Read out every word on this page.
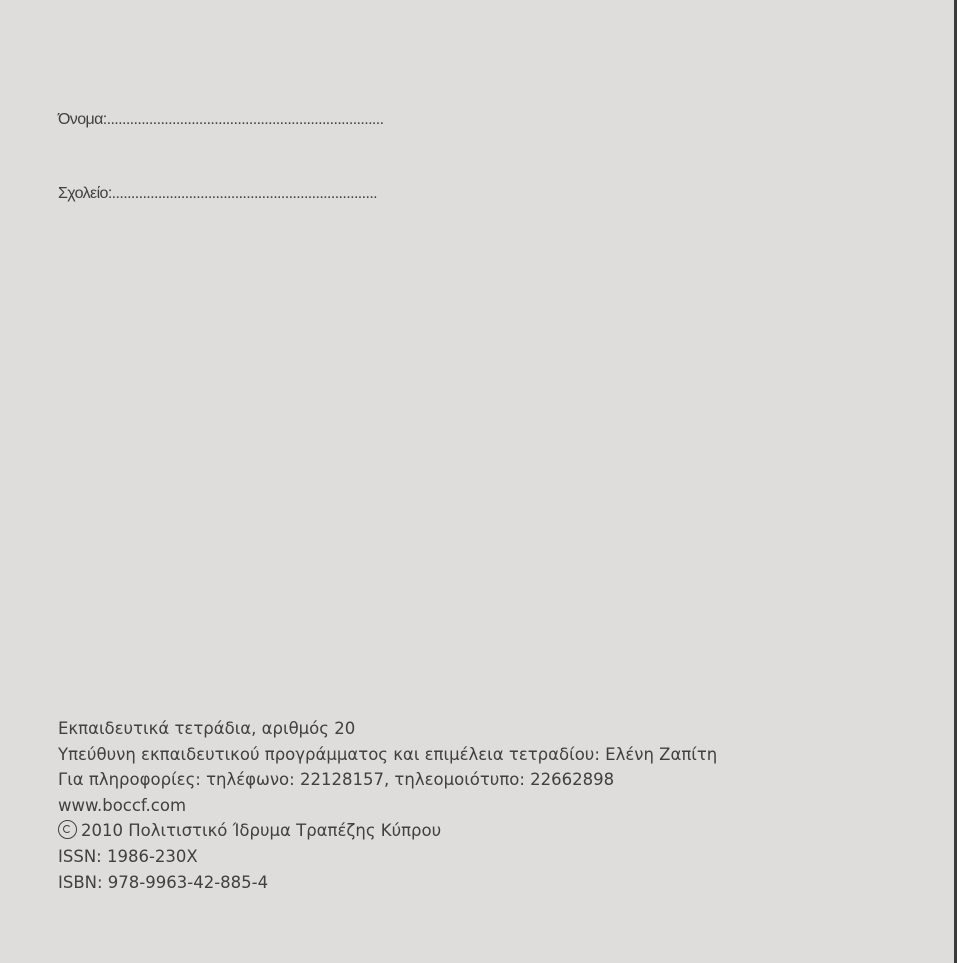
Όνομα:........................................................................
Σχολείο:.....................................................................
Εκπαιδευτικά τετράδια, αριθμός 20
Υπεύθυνη εκπαιδευτικού προγράμματος και επιμέλεια τετραδίου: Ελένη Ζαπίτη
Για πληροφορίες: τηλέφωνο: 22128157, τηλεομοιότυπο: 22662898
www.boccf.com
2010 Πολιτιστικό Ίδρυμα Τραπέζης Κύπρου
ISSN: 1986-230X
ISBN: 978-9963-42-885-4
